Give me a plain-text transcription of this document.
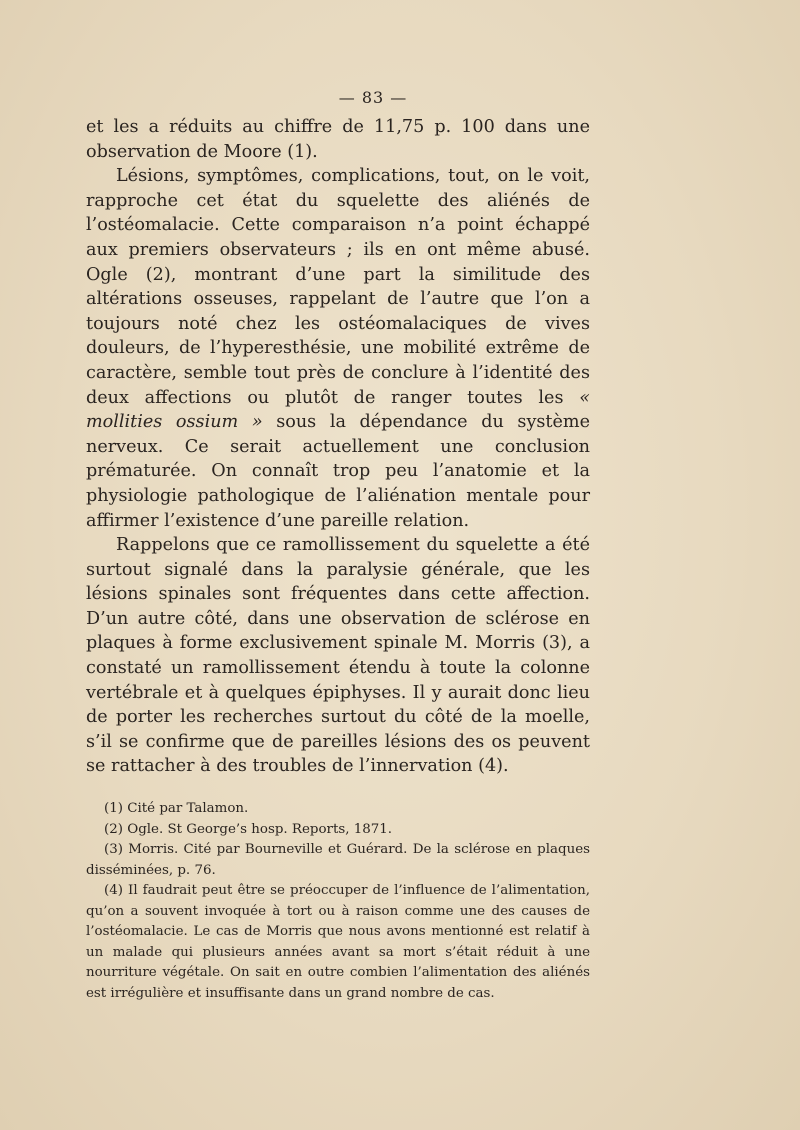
— 83 —

et les a réduits au chiffre de 11,75 p. 100 dans une observation de Moore (1).

Lésions, symptômes, complications, tout, on le voit, rapproche cet état du squelette des aliénés de l’ostéomalacie. Cette comparaison n’a point échappé aux premiers observateurs ; ils en ont même abusé. Ogle (2), montrant d’une part la similitude des altérations osseuses, rappelant de l’autre que l’on a toujours noté chez les ostéomalaciques de vives douleurs, de l’hyperesthésie, une mobilité extrême de caractère, semble tout près de conclure à l’identité des deux affections ou plutôt de ranger toutes les « mollities ossium » sous la dépendance du système nerveux. Ce serait actuellement une conclusion prématurée. On connaît trop peu l’anatomie et la physiologie pathologique de l’aliénation mentale pour affirmer l’existence d’une pareille relation.

Rappelons que ce ramollissement du squelette a été surtout signalé dans la paralysie générale, que les lésions spinales sont fréquentes dans cette affection. D’un autre côté, dans une observation de sclérose en plaques à forme exclusivement spinale M. Morris (3), a constaté un ramollissement étendu à toute la colonne vertébrale et à quelques épiphyses. Il y aurait donc lieu de porter les recherches surtout du côté de la moelle, s’il se confirme que de pareilles lésions des os peuvent se rattacher à des troubles de l’innervation (4).

(1) Cité par Talamon.

(2) Ogle. St George’s hosp. Reports, 1871.

(3) Morris. Cité par Bourneville et Guérard. De la sclérose en plaques disséminées, p. 76.

(4) Il faudrait peut être se préoccuper de l’influence de l’alimentation, qu’on a souvent invoquée à tort ou à raison comme une des causes de l’ostéomalacie. Le cas de Morris que nous avons mentionné est relatif à un malade qui plusieurs années avant sa mort s’était réduit à une nourriture végétale. On sait en outre combien l’alimentation des aliénés est irrégulière et insuffisante dans un grand nombre de cas.
